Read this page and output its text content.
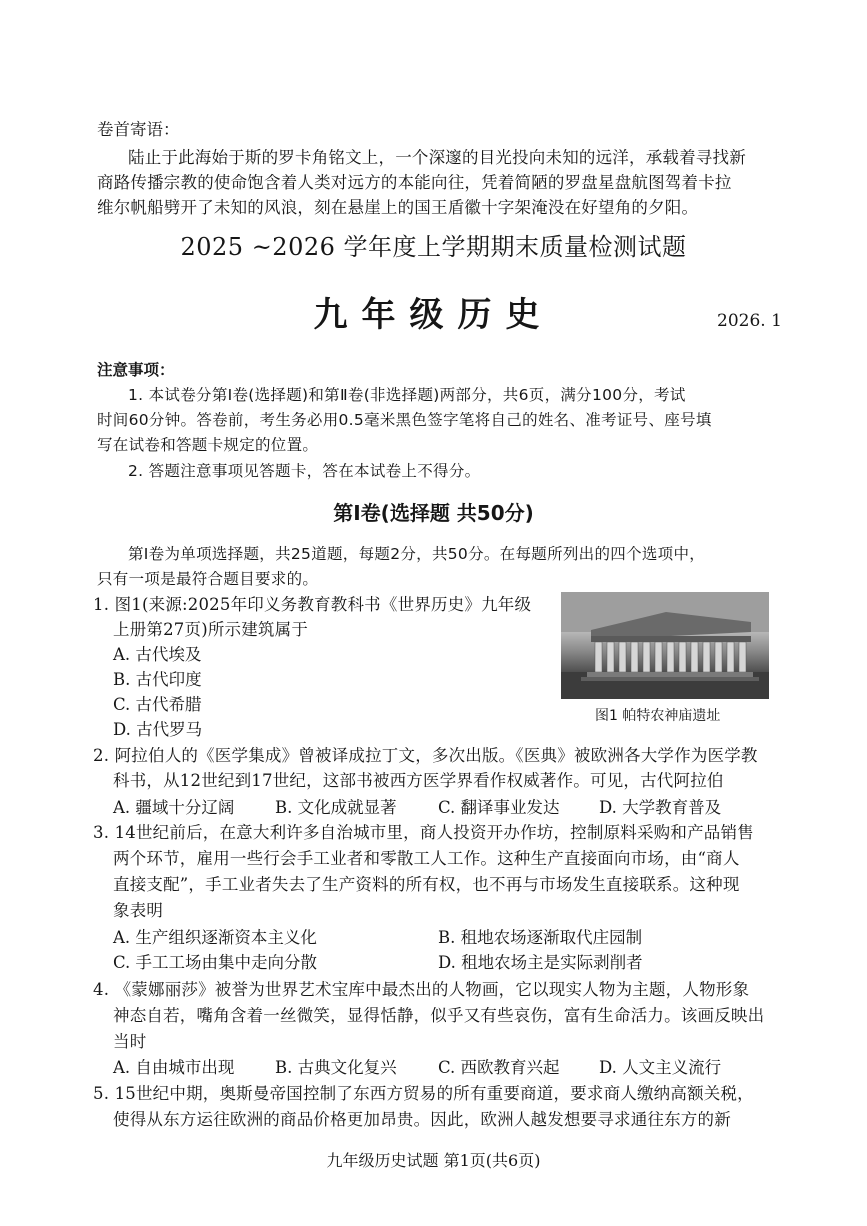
卷首寄语：
陆止于此海始于斯的罗卡角铭文上，一个深邃的目光投向未知的远洋，承载着寻找新
商路传播宗教的使命饱含着人类对远方的本能向往，凭着简陋的罗盘星盘航图驾着卡拉
维尔帆船劈开了未知的风浪，刻在悬崖上的国王盾徽十字架淹没在好望角的夕阳。
2025 ~2026 学年度上学期期末质量检测试题
九年级历史	2026. 1
注意事项：
1. 本试卷分第Ⅰ卷(选择题)和第Ⅱ卷(非选择题)两部分，共6页，满分100分，考试
时间60分钟。答卷前，考生务必用0.5毫米黑色签字笔将自己的姓名、准考证号、座号填
写在试卷和答题卡规定的位置。
2. 答题注意事项见答题卡，答在本试卷上不得分。
第Ⅰ卷(选择题 共50分)
第Ⅰ卷为单项选择题，共25道题，每题2分，共50分。在每题所列出的四个选项中，
只有一项是最符合题目要求的。
1. 图1(来源:2025年印义务教育教科书《世界历史》九年级
上册第27页)所示建筑属于
A. 古代埃及
B. 古代印度
C. 古代希腊
D. 古代罗马
图1 帕特农神庙遗址
2. 阿拉伯人的《医学集成》曾被译成拉丁文，多次出版。《医典》被欧洲各大学作为医学教
科书，从12世纪到17世纪，这部书被西方医学界看作权威著作。可见，古代阿拉伯
A. 疆域十分辽阔 B. 文化成就显著	C. 翻译事业发达 D. 大学教育普及
3. 14世纪前后，在意大利许多自治城市里，商人投资开办作坊，控制原料采购和产品销售
两个环节，雇用一些行会手工业者和零散工人工作。这种生产直接面向市场，由“商人
直接支配”，手工业者失去了生产资料的所有权，也不再与市场发生直接联系。这种现
象表明
A. 生产组织逐渐资本主义化	B. 租地农场逐渐取代庄园制
C. 手工工场由集中走向分散	D. 租地农场主是实际剥削者
4. 《蒙娜丽莎》被誉为世界艺术宝库中最杰出的人物画，它以现实人物为主题，人物形象
神态自若，嘴角含着一丝微笑，显得恬静，似乎又有些哀伤，富有生命活力。该画反映出
当时
A. 自由城市出现 B. 古典文化复兴	C. 西欧教育兴起 D. 人文主义流行
5. 15世纪中期，奥斯曼帝国控制了东西方贸易的所有重要商道，要求商人缴纳高额关税，
使得从东方运往欧洲的商品价格更加昂贵。因此，欧洲人越发想要寻求通往东方的新
九年级历史试题 第1页(共6页)
